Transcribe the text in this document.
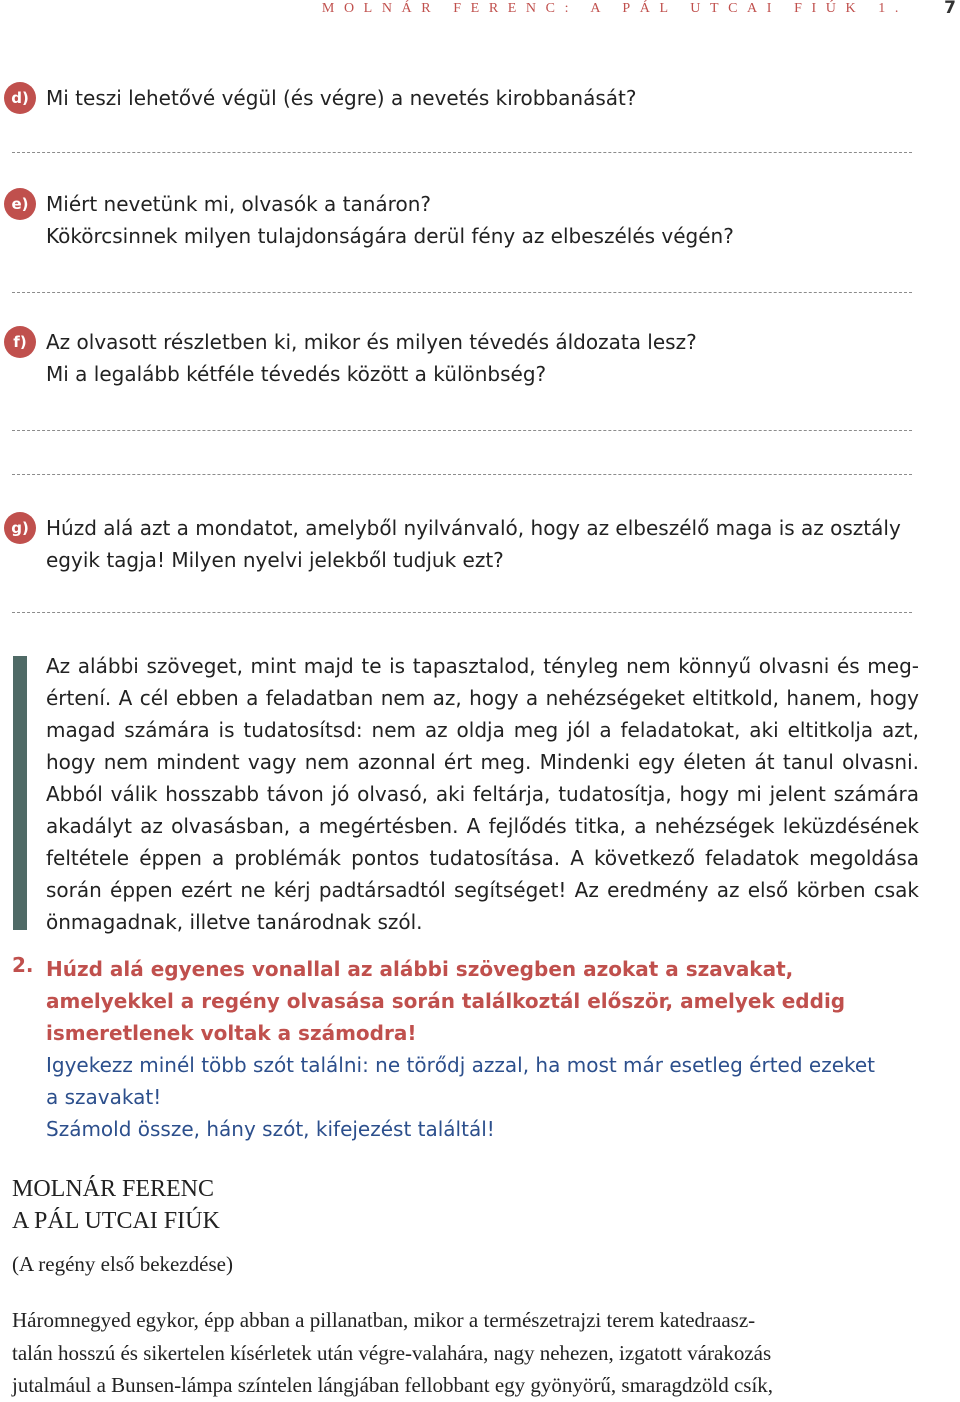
MOLNÁR FERENC: A PÁL UTCAI FIÚK 1. 7
d) Mi teszi lehetővé végül (és végre) a nevetés kirobbanását?
e) Miért nevetünk mi, olvasók a tanáron?
Kökörcsinnek milyen tulajdonságára derül fény az elbeszélés végén?
f) Az olvasott részletben ki, mikor és milyen tévedés áldozata lesz?
Mi a legalább kétféle tévedés között a különbség?
g) Húzd alá azt a mondatot, amelyből nyilvánvaló, hogy az elbeszélő maga is az osztály
egyik tagja! Milyen nyelvi jelekből tudjuk ezt?
Az alábbi szöveget, mint majd te is tapasztalod, tényleg nem könnyű olvasni és meg-értení. A cél ebben a feladatban nem az, hogy a nehézségeket eltitkold, hanem, hogy magad számára is tudatosítsd: nem az oldja meg jól a feladatokat, aki eltitkolja azt, hogy nem mindent vagy nem azonnal ért meg. Mindenki egy életen át tanul olvasni. Abból válik hosszabb távon jó olvasó, aki feltárja, tudatosítja, hogy mi jelent számára akadályt az olvasásban, a megértésben. A fejlődés titka, a nehézségek leküzdésének feltétele éppen a problémák pontos tudatosítása. A következő feladatok megoldása során éppen ezért ne kérj padtársadtól segítséget! Az eredmény az első körben csak önmagadnak, illetve tanárodnak szól.
2. Húzd alá egyenes vonallal az alábbi szövegben azokat a szavakat, amelyekkel a regény olvasása során találkoztál először, amelyek eddig ismeretlenek voltak a számodra!
Igyekezz minél több szót találni: ne törődj azzal, ha most már esetleg érted ezeket
a szavakat!
Számold össze, hány szót, kifejezést találtál!
MOLNÁR FERENC
A PÁL UTCAI FIÚK
(A regény első bekezdése)
Háromnegyed egykor, épp abban a pillanatban, mikor a természetrajzi terem katedraasz-
talán hosszú és sikertelen kísérletek után végre-valahára, nagy nehezen, izgatott várakozás
jutalmául a Bunsen-lámpa színtelen lángjában fellobbant egy gyönyörű, smaragdzöld csík,
